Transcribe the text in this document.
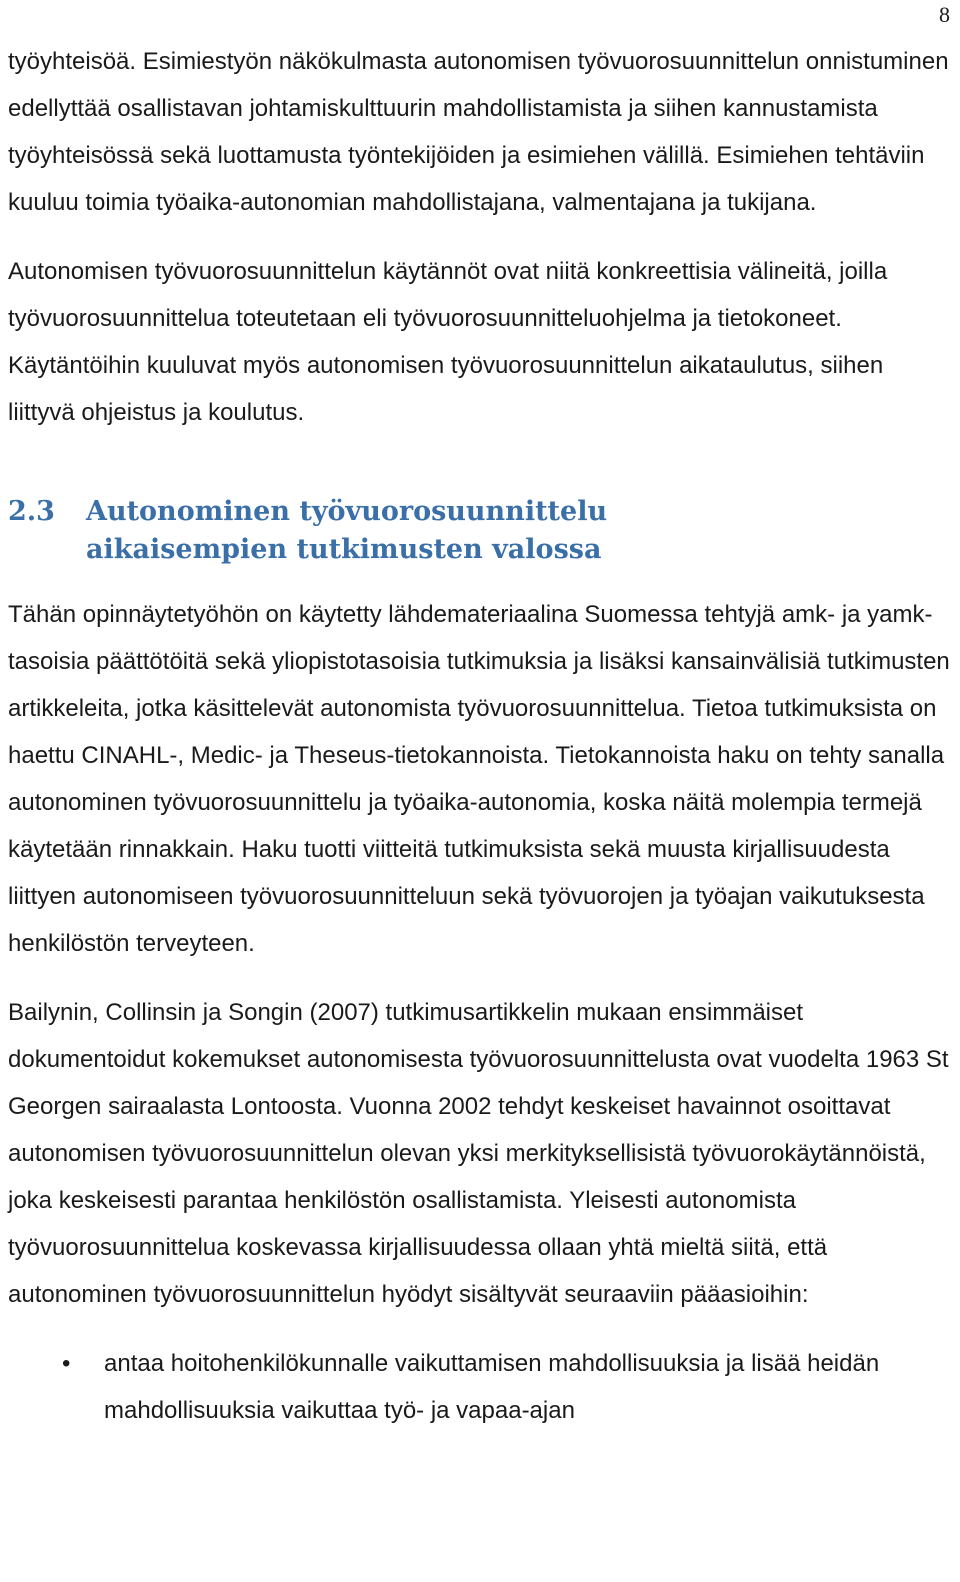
8

työyhteisöä. Esimiestyön näkökulmasta autonomisen työvuorosuunnittelun onnistuminen edellyttää osallistavan johtamiskulttuurin mahdollistamista ja siihen kannustamista työyhteisössä sekä luottamusta työntekijöiden ja esimiehen välillä. Esimiehen tehtäviin kuuluu toimia työaika-autonomian mahdollistajana, valmentajana ja tukijana.

Autonomisen työvuorosuunnittelun käytännöt ovat niitä konkreettisia välineitä, joilla työvuorosuunnittelua toteutetaan eli työvuorosuunnitteluohjelma ja tietokoneet. Käytäntöihin kuuluvat myös autonomisen työvuorosuunnittelun aikataulutus, siihen liittyvä ohjeistus ja koulutus.

2.3	Autonominen työvuorosuunnittelu aikaisempien tutkimusten valossa

Tähän opinnäytetyöhön on käytetty lähdemateriaalina Suomessa tehtyjä amk- ja yamk-tasoisia päättötöitä sekä yliopistotasoisia tutkimuksia ja lisäksi kansainvälisiä tutkimusten artikkeleita, jotka käsittelevät autonomista työvuorosuunnittelua. Tietoa tutkimuksista on haettu CINAHL-, Medic- ja Theseus-tietokannoista. Tietokannoista haku on tehty sanalla autonominen työvuorosuunnittelu ja työaika-autonomia, koska näitä molempia termejä käytetään rinnakkain. Haku tuotti viitteitä tutkimuksista sekä muusta kirjallisuudesta liittyen autonomiseen työvuorosuunnitteluun sekä työvuorojen ja työajan vaikutuksesta henkilöstön terveyteen.

Bailynin, Collinsin ja Songin (2007) tutkimusartikkelin mukaan ensimmäiset dokumentoidut kokemukset autonomisesta työvuorosuunnittelusta ovat vuodelta 1963 St Georgen sairaalasta Lontoosta. Vuonna 2002 tehdyt keskeiset havainnot osoittavat autonomisen työvuorosuunnittelun olevan yksi merkityksellisistä työvuorokäytännöistä, joka keskeisesti parantaa henkilöstön osallistamista. Yleisesti autonomista työvuorosuunnittelua koskevassa kirjallisuudessa ollaan yhtä mieltä siitä, että autonominen työvuorosuunnittelun hyödyt sisältyvät seuraaviin pääasioihin:

• antaa hoitohenkilökunnalle vaikuttamisen mahdollisuuksia ja lisää heidän mahdollisuuksia vaikuttaa työ- ja vapaa-ajan
